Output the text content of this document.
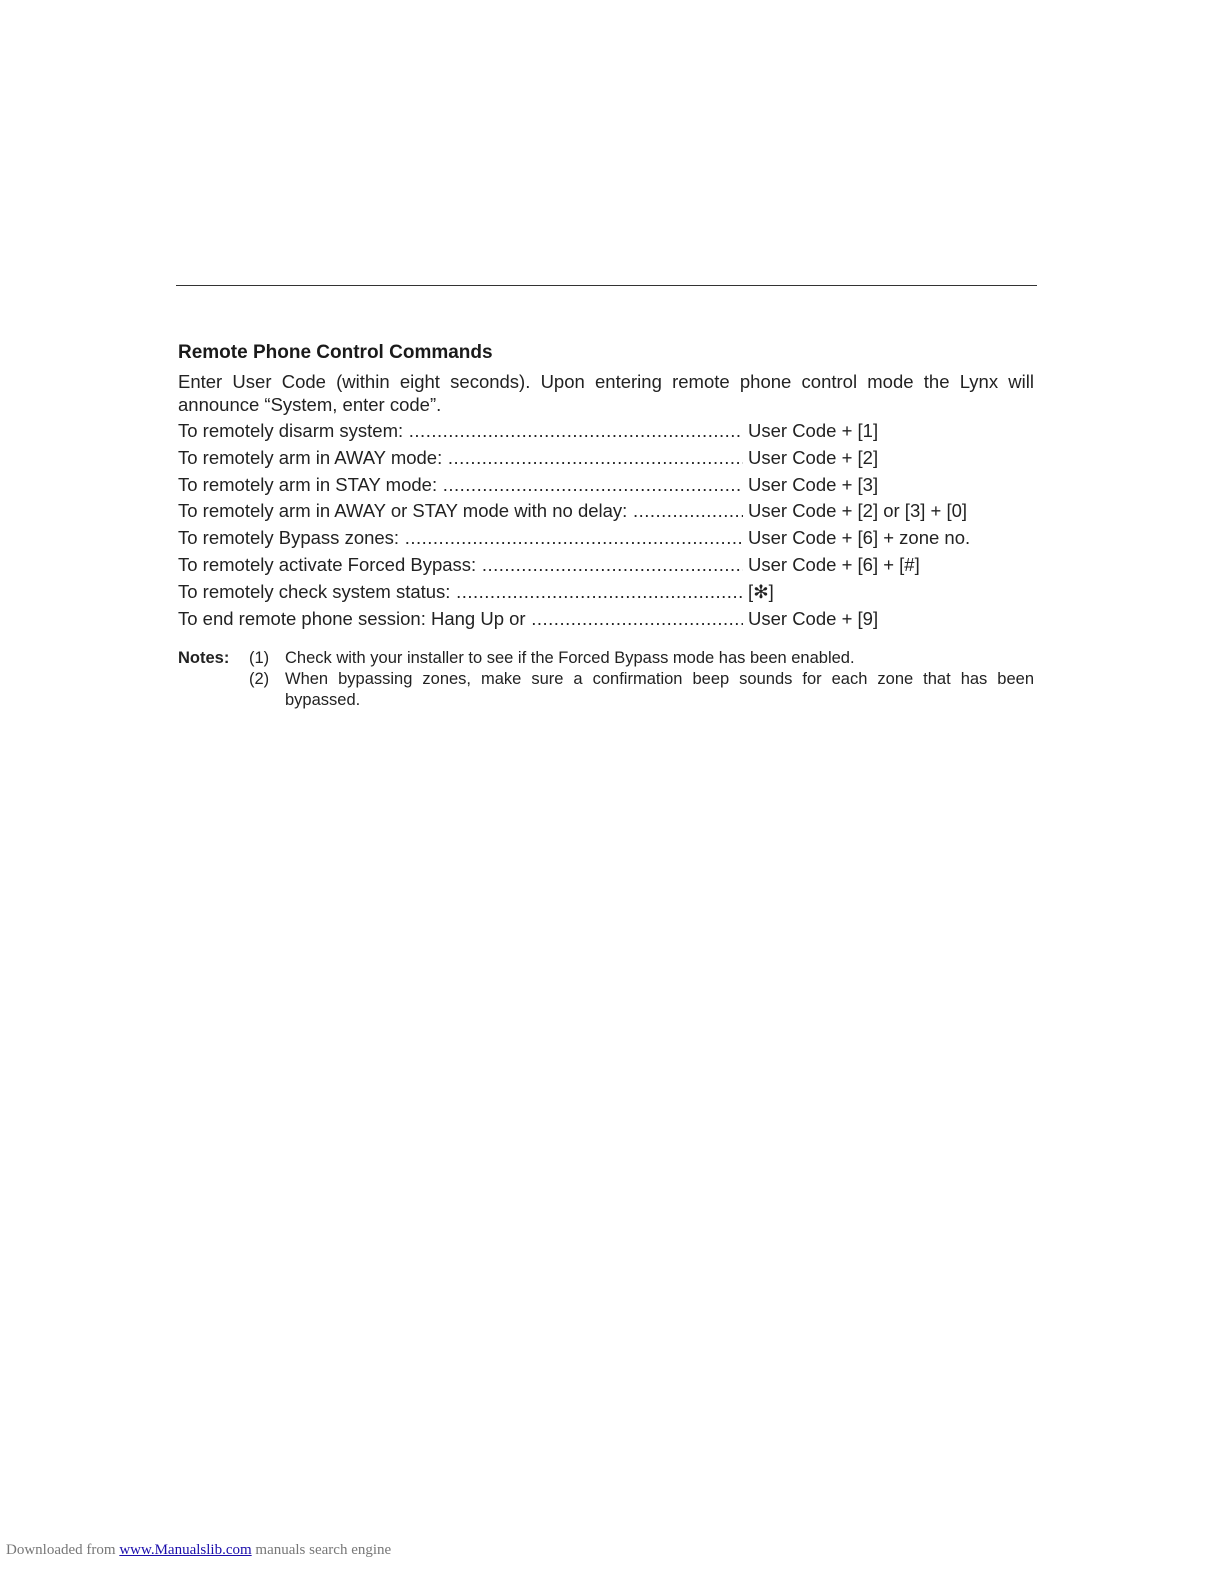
Remote Phone Control Commands
Enter User Code (within eight seconds). Upon entering remote phone control mode the Lynx will announce “System, enter code”.
To remotely disarm system: .....	User Code + [1]
To remotely arm in AWAY mode: .....	User Code + [2]
To remotely arm in STAY mode: .....	User Code + [3]
To remotely arm in AWAY or STAY mode with no delay: .....	User Code + [2] or [3] + [0]
To remotely Bypass zones: .....	User Code + [6] + zone no.
To remotely activate Forced Bypass: .....	User Code + [6] + [#]
To remotely check system status: .....	[✻]
To end remote phone session: Hang Up or .....	User Code + [9]
Notes: (1) Check with your installer to see if the Forced Bypass mode has been enabled.
(2) When bypassing zones, make sure a confirmation beep sounds for each zone that has been bypassed.
Downloaded from www.Manualslib.com manuals search engine
